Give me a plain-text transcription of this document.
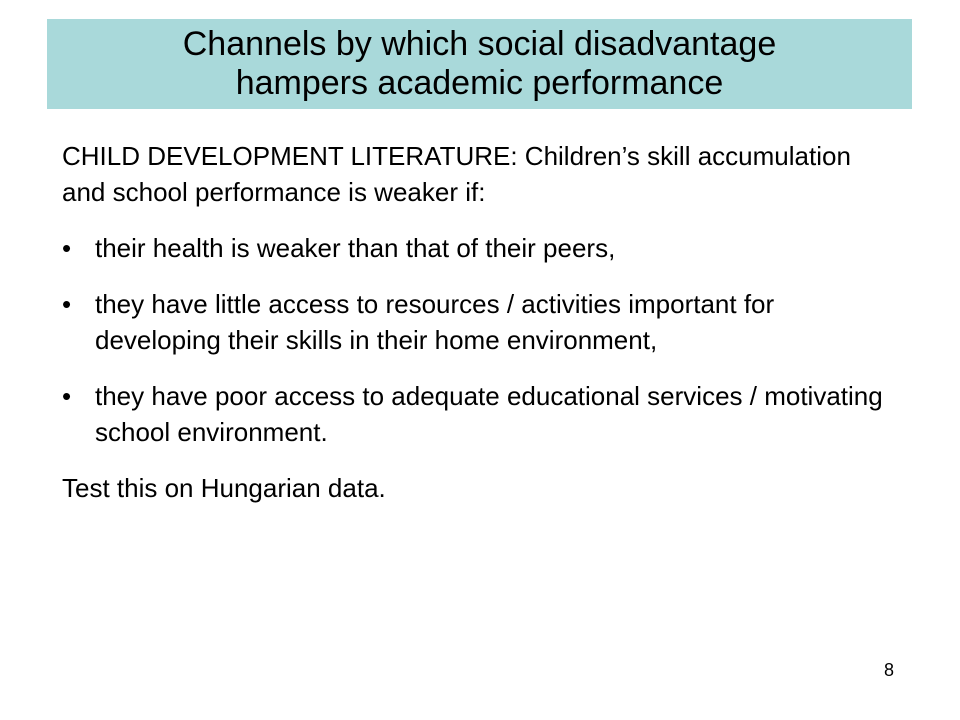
Channels by which social disadvantage
hampers academic performance

CHILD DEVELOPMENT LITERATURE: Children’s skill accumulation and school performance is weaker if:

• their health is weaker than that of their peers,
• they have little access to resources / activities important for developing their skills in their home environment,
• they have poor access to adequate educational services / motivating school environment.

Test this on Hungarian data.

8
